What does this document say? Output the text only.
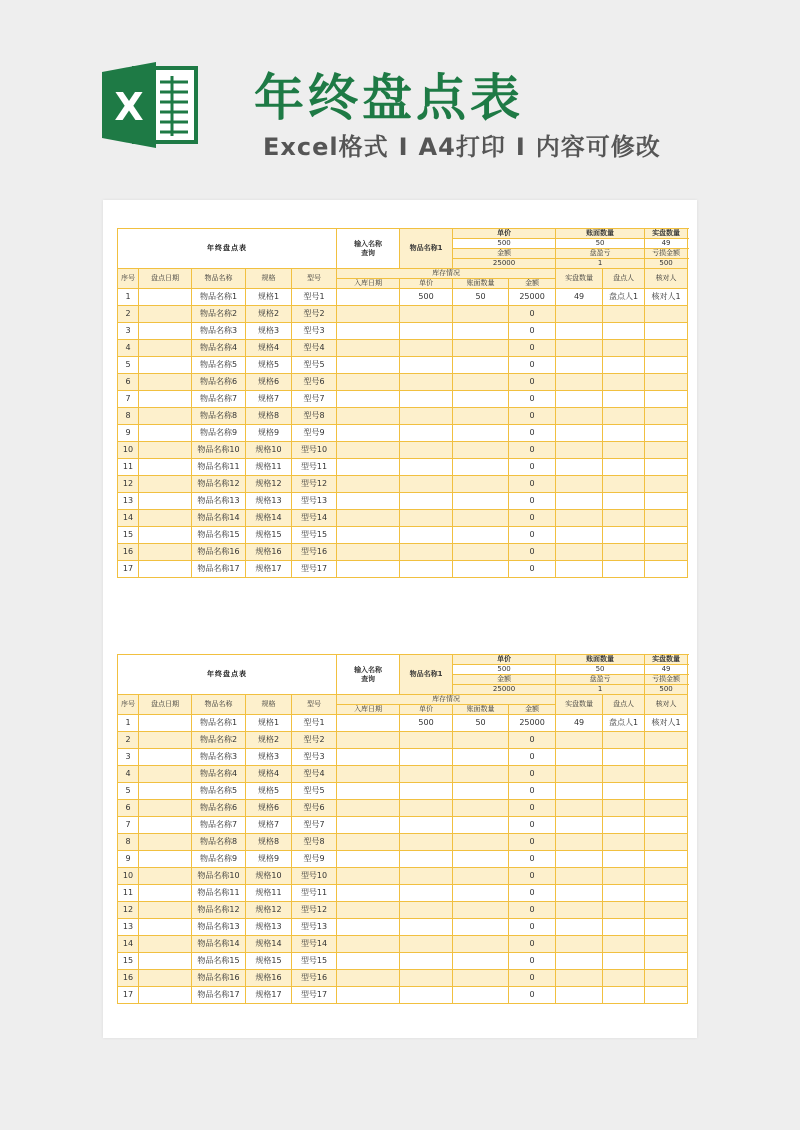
X 年终盘点表
Excel格式 I A4打印 I 内容可修改
年终盘点表					输入名称
查询	物品名称1	单价		账面数量		实盘数量
							500		50		49
							金额		盘盈亏		亏损金额
							25000		1		500
序号	盘点日期	物品名称	规格	型号	库存情况				实盘数量	盘点人	核对人
					入库日期	单价	账面数量	金额			
1		物品名称1	规格1	型号1		500	50	25000	49	盘点人1	核对人1
2		物品名称2	规格2	型号2				0			
3		物品名称3	规格3	型号3				0			
4		物品名称4	规格4	型号4				0			
5		物品名称5	规格5	型号5				0			
6		物品名称6	规格6	型号6				0			
7		物品名称7	规格7	型号7				0			
8		物品名称8	规格8	型号8				0			
9		物品名称9	规格9	型号9				0			
10		物品名称10	规格10	型号10				0			
11		物品名称11	规格11	型号11				0			
12		物品名称12	规格12	型号12				0			
13		物品名称13	规格13	型号13				0			
14		物品名称14	规格14	型号14				0			
15		物品名称15	规格15	型号15				0			
16		物品名称16	规格16	型号16				0			
17		物品名称17	规格17	型号17				0			
年终盘点表					输入名称
查询	物品名称1	单价		账面数量		实盘数量
							500		50		49
							金额		盘盈亏		亏损金额
							25000		1		500
序号	盘点日期	物品名称	规格	型号	库存情况				实盘数量	盘点人	核对人
					入库日期	单价	账面数量	金额			
1		物品名称1	规格1	型号1		500	50	25000	49	盘点人1	核对人1
2		物品名称2	规格2	型号2				0			
3		物品名称3	规格3	型号3				0			
4		物品名称4	规格4	型号4				0			
5		物品名称5	规格5	型号5				0			
6		物品名称6	规格6	型号6				0			
7		物品名称7	规格7	型号7				0			
8		物品名称8	规格8	型号8				0			
9		物品名称9	规格9	型号9				0			
10		物品名称10	规格10	型号10				0			
11		物品名称11	规格11	型号11				0			
12		物品名称12	规格12	型号12				0			
13		物品名称13	规格13	型号13				0			
14		物品名称14	规格14	型号14				0			
15		物品名称15	规格15	型号15				0			
16		物品名称16	规格16	型号16				0			
17		物品名称17	规格17	型号17				0			
